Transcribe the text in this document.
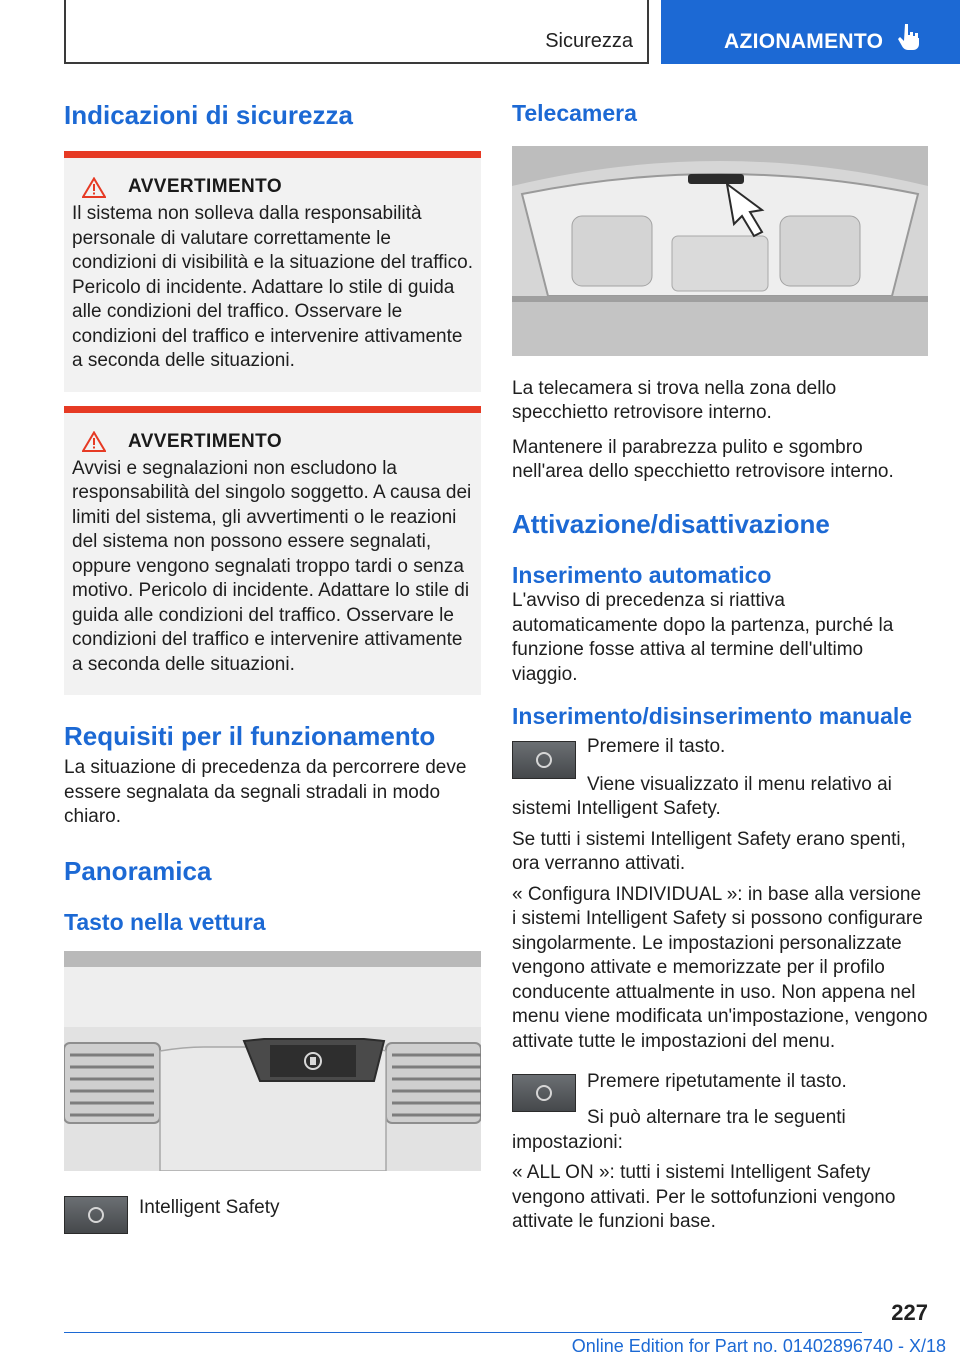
Sicurezza	AZIONAMENTO
Indicazioni di sicurezza
AVVERTIMENTO

Il sistema non solleva dalla responsabilità personale di valutare correttamente le condizioni di visibilità e la situazione del traffico. Pericolo di incidente. Adattare lo stile di guida alle condizioni del traffico. Osservare le condizioni del traffico e intervenire attivamente a seconda delle situazioni.

AVVERTIMENTO

Avvisi e segnalazioni non escludono la responsabilità del singolo soggetto. A causa dei limiti del sistema, gli avvertimenti o le reazioni del sistema non possono essere segnalati, oppure vengono segnalati troppo tardi o senza motivo. Pericolo di incidente. Adattare lo stile di guida alle condizioni del traffico. Osservare le condizioni del traffico e intervenire attivamente a seconda delle situazioni.

Requisiti per il funzionamento

La situazione di precedenza da percorrere deve essere segnalata da segnali stradali in modo chiaro.

Panoramica
Tasto nella vettura

Intelligent Safety

Telecamera

La telecamera si trova nella zona dello specchietto retrovisore interno.

Mantenere il parabrezza pulito e sgombro nell'area dello specchietto retrovisore interno.

Attivazione/disattivazione
Inserimento automatico

L'avviso di precedenza si riattiva automaticamente dopo la partenza, purché la funzione fosse attiva al termine dell'ultimo viaggio.

Inserimento/disinserimento manuale

Premere il tasto.

Viene visualizzato il menu relativo ai sistemi Intelligent Safety.

Se tutti i sistemi Intelligent Safety erano spenti, ora verranno attivati.

« Configura INDIVIDUAL »: in base alla versione i sistemi Intelligent Safety si possono configurare singolarmente. Le impostazioni personalizzate vengono attivate e memorizzate per il profilo conducente attualmente in uso. Non appena nel menu viene modificata un'impostazione, vengono attivate tutte le impostazioni del menu.

Premere ripetutamente il tasto.

Si può alternare tra le seguenti impostazioni:

« ALL ON »: tutti i sistemi Intelligent Safety vengono attivati. Per le sottofunzioni vengono attivate le funzioni base.

227
Online Edition for Part no. 01402896740 - X/18
